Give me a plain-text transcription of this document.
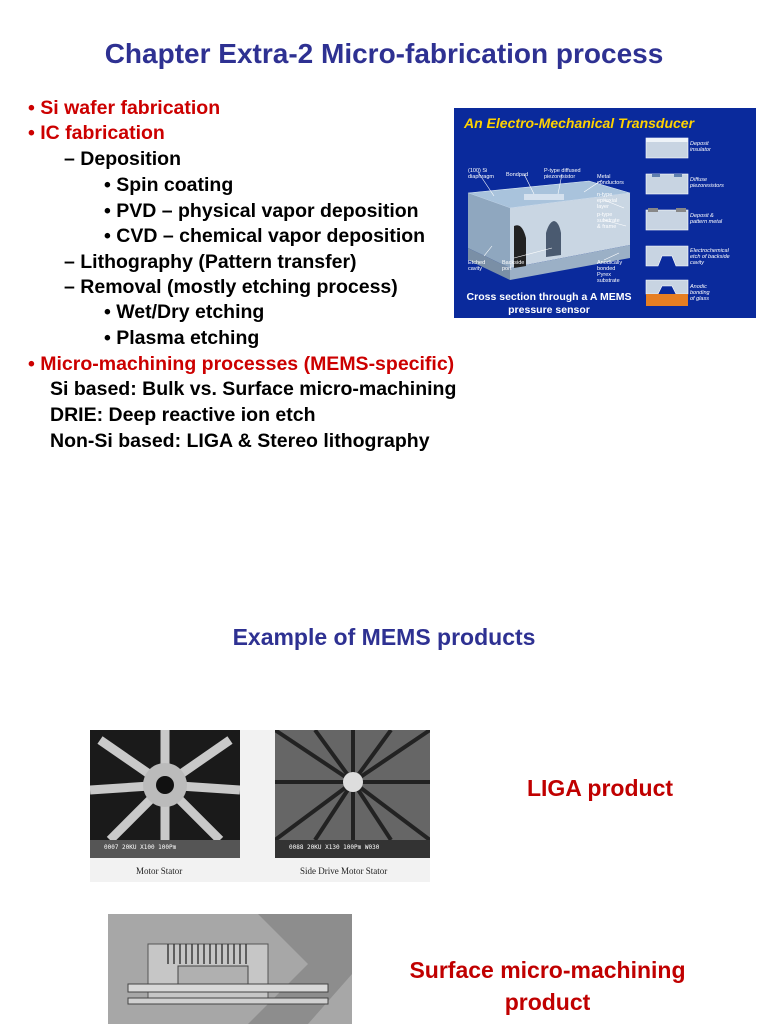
Chapter Extra-2 Micro-fabrication process
• Si wafer fabrication
• IC fabrication
– Deposition
• Spin coating
• PVD – physical vapor deposition
• CVD – chemical vapor deposition
– Lithography (Pattern transfer)
– Removal (mostly etching process)
• Wet/Dry etching
• Plasma etching
• Micro-machining processes (MEMS-specific)
Si based: Bulk vs. Surface micro-machining
DRIE: Deep reactive ion etch
Non-Si based: LIGA & Stereo lithography
An Electro-Mechanical Transducer
(100) Si
diaphragm Bondpad
P-type diffused
piezoresistor	Metal
conductors
n-type
epitaxial
layer
p-type
substrate
& frame
Etched
cavity
Backside
port
Anodically
bonded
Pyrex
substrate
Deposit
insulator
Diffuse
piezoresistors
Deposit &
pattern metal
Electrochemical
etch of backside
cavity
Anodic
bonding
of glass
Cross section through a A MEMS
pressure sensor
Example of MEMS products
0007 20KU X100 100Pm	0088 20KU X130 100Pm W030
Motor Stator	Side Drive Motor Stator
LIGA product
Surface micro-machining
product
